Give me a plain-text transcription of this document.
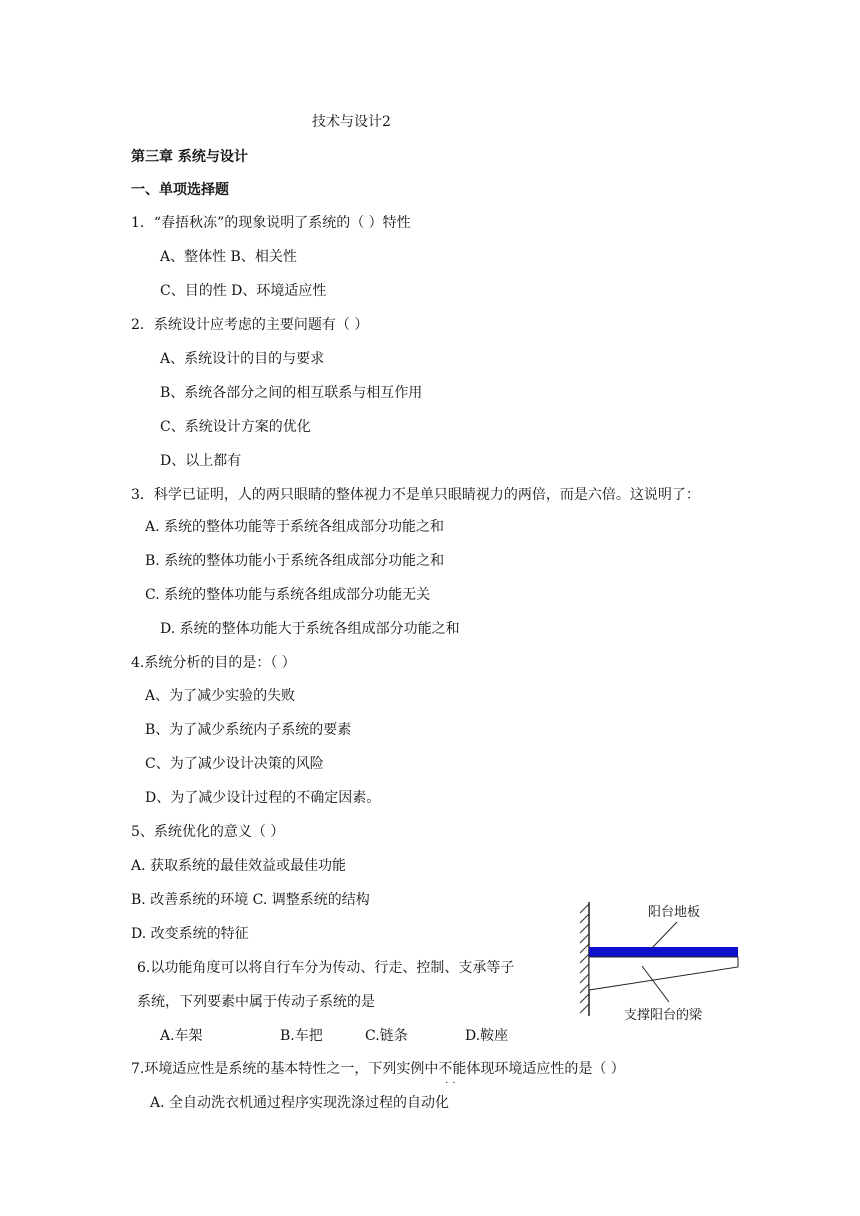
技术与设计2
第三章 系统与设计
一、单项选择题
1．“春捂秋冻”的现象说明了系统的（ ）特性
A、整体性 B、相关性
C、目的性 D、环境适应性
2．系统设计应考虑的主要问题有（ ）
A、系统设计的目的与要求
B、系统各部分之间的相互联系与相互作用
C、系统设计方案的优化
D、以上都有
3．科学已证明，人的两只眼睛的整体视力不是单只眼睛视力的两倍，而是六倍。这说明了：
A. 系统的整体功能等于系统各组成部分功能之和
B. 系统的整体功能小于系统各组成部分功能之和
C. 系统的整体功能与系统各组成部分功能无关
D. 系统的整体功能大于系统各组成部分功能之和
4.系统分析的目的是：（ ）
A、为了减少实验的失败
B、为了减少系统内子系统的要素
C、为了减少设计决策的风险
D、为了减少设计过程的不确定因素。
5、系统优化的意义（ ）
A. 获取系统的最佳效益或最佳功能
B. 改善系统的环境 C. 调整系统的结构
D. 改变系统的特征
6.以功能角度可以将自行车分为传动、行走、控制、支承等子
系统，下列要素中属于传动子系统的是
A.车架	B.车把	C.链条	D.鞍座
7.环境适应性是系统的基本特性之一，下列实例中不能
..
体现环境适应性的是（ ）
A. 全自动洗衣机通过程序实现洗涤过程的自动化
阳台地板
支撑阳台的梁
